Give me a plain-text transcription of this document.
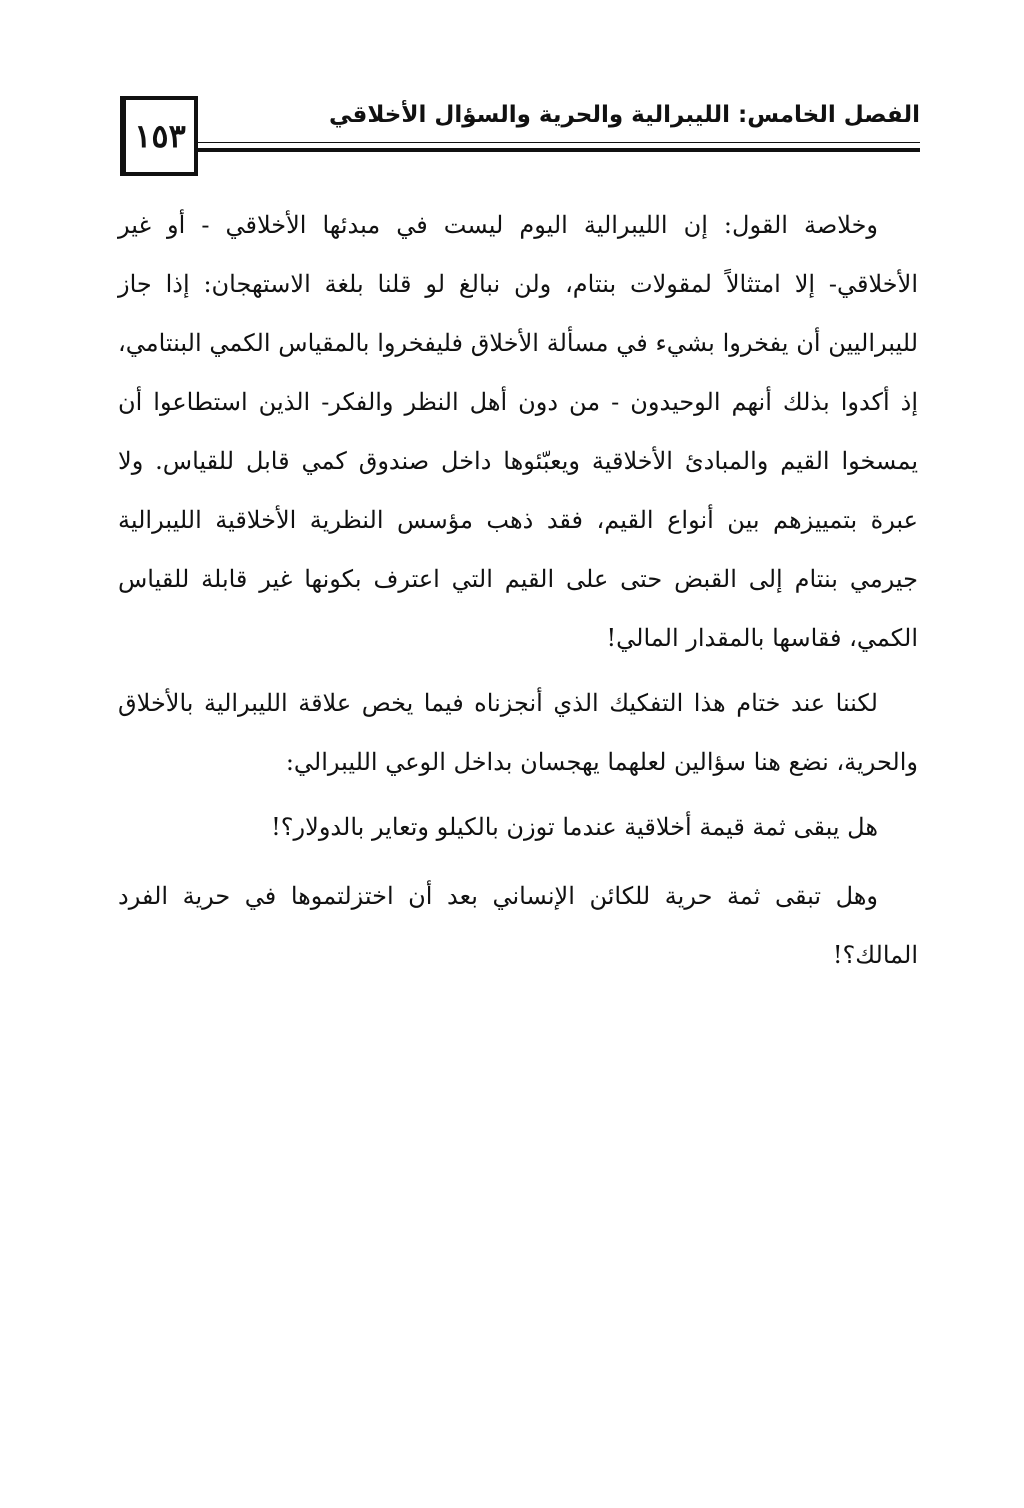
١٥٣
الفصل الخامس: الليبرالية والحرية والسؤال الأخلاقي

وخلاصة القول: إن الليبرالية اليوم ليست في مبدئها الأخلاقي - أو غير الأخلاقي- إلا امتثالاً لمقولات بنتام، ولن نبالغ لو قلنا بلغة الاستهجان: إذا جاز لليبراليين أن يفخروا بشيء في مسألة الأخلاق فليفخروا بالمقياس الكمي البنتامي، إذ أكدوا بذلك أنهم الوحيدون - من دون أهل النظر والفكر- الذين استطاعوا أن يمسخوا القيم والمبادئ الأخلاقية ويعبّئوها داخل صندوق كمي قابل للقياس. ولا عبرة بتمييزهم بين أنواع القيم، فقد ذهب مؤسس النظرية الأخلاقية الليبرالية جيرمي بنتام إلى القبض حتى على القيم التي اعترف بكونها غير قابلة للقياس الكمي، فقاسها بالمقدار المالي!

لكننا عند ختام هذا التفكيك الذي أنجزناه فيما يخص علاقة الليبرالية بالأخلاق والحرية، نضع هنا سؤالين لعلهما يهجسان بداخل الوعي الليبرالي:

هل يبقى ثمة قيمة أخلاقية عندما توزن بالكيلو وتعاير بالدولار؟!

وهل تبقى ثمة حرية للكائن الإنساني بعد أن اختزلتموها في حرية الفرد المالك؟!
